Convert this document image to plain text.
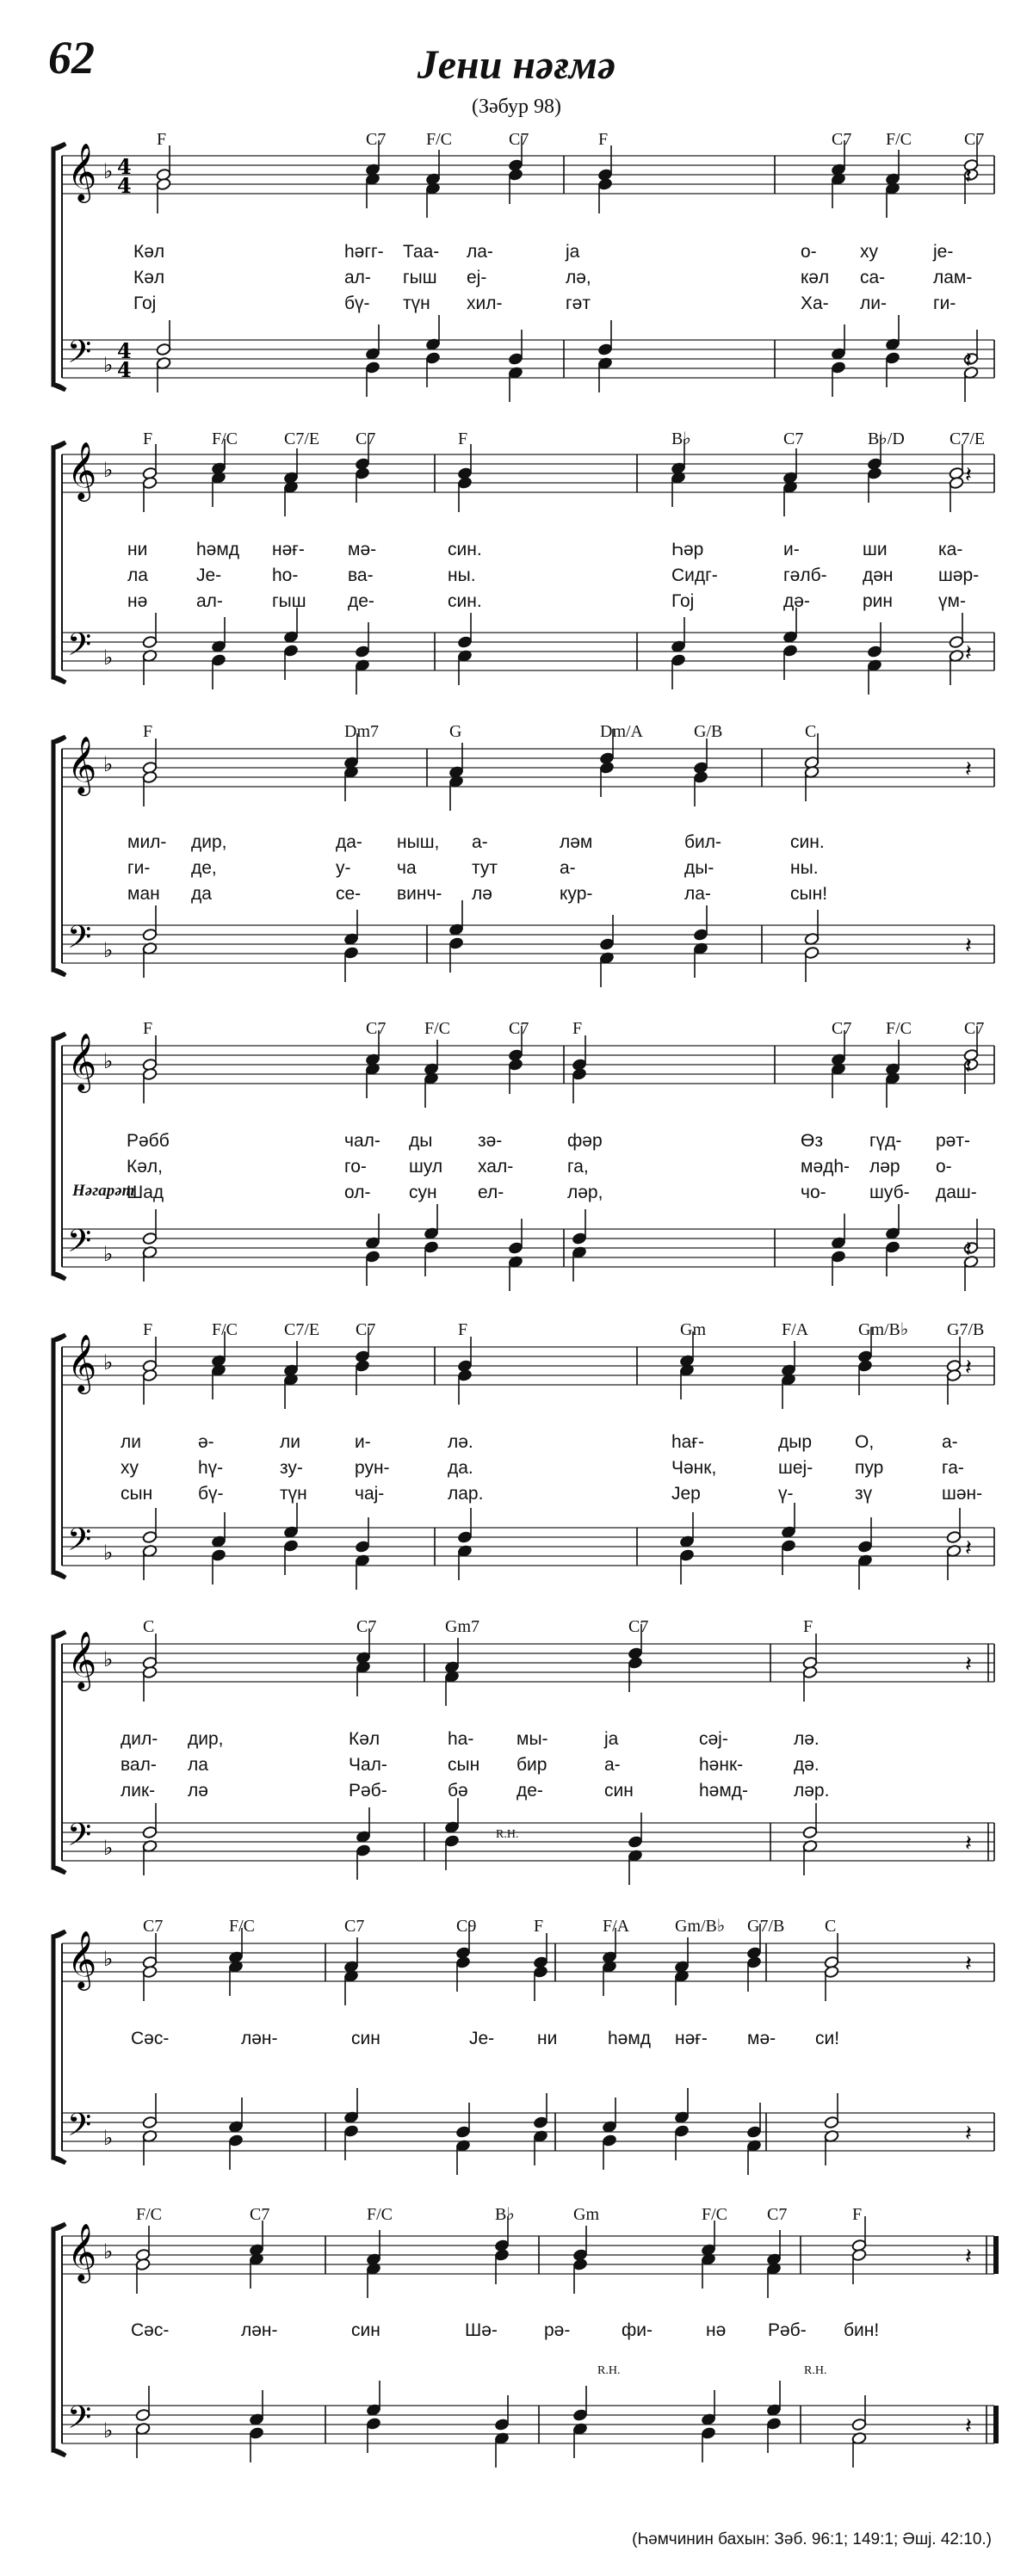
𝄞
𝄢
♭
♭
4
4
4
4
𝄽
𝄽
𝄞
𝄢
♭
♭
𝄽
𝄽
𝄞
𝄢
♭
♭
𝄽
𝄽
𝄞
𝄢
♭
♭
𝄽
𝄽
𝄞
𝄢
♭
♭
𝄽
𝄽
𝄞
𝄢
♭
♭
𝄽
𝄽
𝄞
𝄢
♭
♭
𝄽
𝄽
𝄞
𝄢
♭
♭
𝄽
𝄽
62	Јени нәғмә
(Зәбур 98)
Нәгарәт
R.H.
R.H.	R.H.
F	C7 F/C	C7	F	C7 F/C	C7
Кәл	һәгг- Таа- ла-	ја	о- ху	је-
Кәл	ал- гыш еј-	лә,	кәл са-	лам-
Гој	бү- түн хил-	гәт	Ха- ли-	ги-
F	F/C	C7/E C7	F	B♭	C7	B♭/D	C7/E
ни	һәмд нәғ- мә-	син.	Һәр	и-	ши	ка-
ла	Је-	һо-	ва-	ны.	Сидг-	гәлб- дән шәр-
нә	ал-	гыш де-	син.	Гој	дә-	рин	үм-
F	Dm7	G	Dm/A	G/B	C
мил- дир,	да- ныш, а-	ләм	бил-	син.
ги- де,	у-	ча	тут	а-	ды-	ны.
ман да	се- винч- лә	кур-	ла-	сын!
F	C7 F/C	C7	F	C7 F/C	C7
Рәбб	чал- ды	зә-	фәр	Өз	гүд- рәт-
Кәл,	го- шул хал-	га,	мәдһ- ләр о-
Шад	ол- сун ел-	ләр,	чо- шуб- даш-
F	F/C	C7/E C7	F	Gm	F/A	Gm/B♭ G7/B
ли	ә-	ли	и-	лә.	һағ-	дыр О,	а-
ху	һү-	зу-	рун-	да.	Чәнк,	шеј- пур	га-
сын	бү-	түн	чај-	лар.	Јер	ү-	зү	шән-
C	C7	Gm7	C7	F
дил- дир,	Кәл	һа- мы-	ја	сәј-	лә.
вал- ла	Чал-	сын бир	а-	һәнк-	дә.
лик- лә	Рәб-	бә	де-	син	һәмд-	ләр.
C7	F/C	C7	C9	F	F/A	Gm/B♭ G7/B C
Сәс-	лән-	син	Је- ни	һәмд нәғ- мә- си!
F/C	C7	F/C	B♭	Gm	F/C C7	F
Сәс-	лән-	син	Шә-	рә-	фи-	нә Рәб- бин!
(Һәмчинин бахын: Зәб. 96:1; 149:1; Әшј. 42:10.)
